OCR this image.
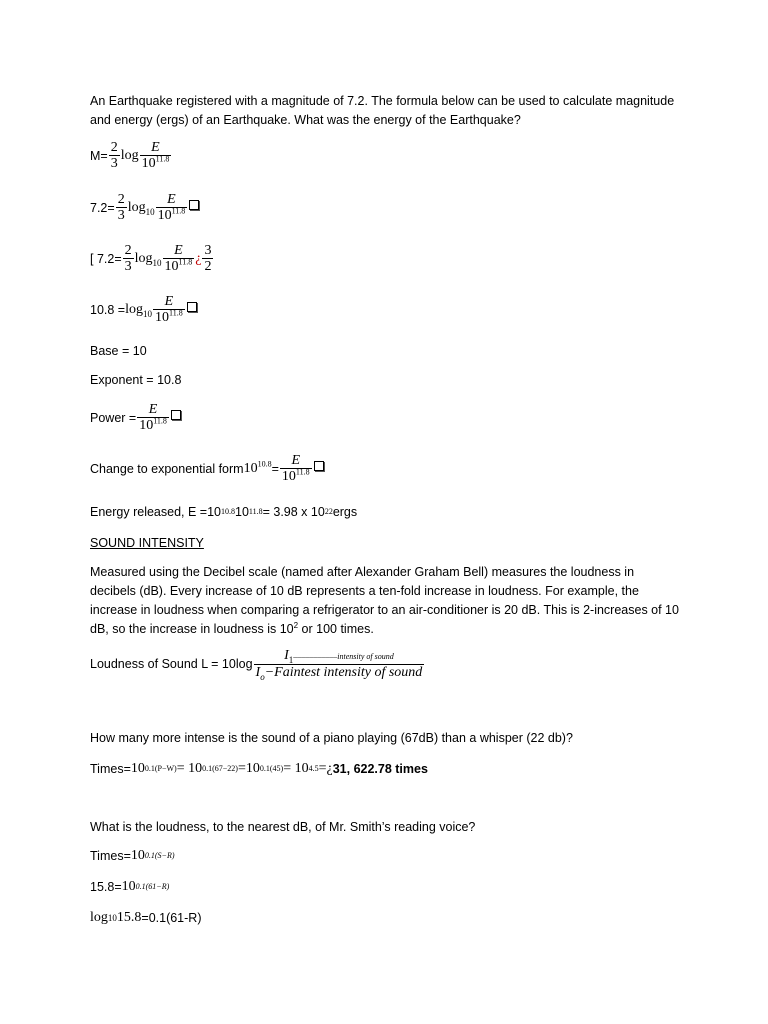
An Earthquake registered with a magnitude of 7.2. The formula below can be used to calculate magnitude and energy (ergs) of an Earthquake. What was the energy of the Earthquake?

$M= \frac{2}{3}$ $\log \frac{E}{10^{11.8}}$
$7.2= \frac{2}{3} \log_{10} \frac{E}{10^{11.8}}$
[ $7.2= \frac{2}{3} \log_{10} \frac{E}{10^{11.8}}$ ¿ $\frac{3}{2}$
$10.8 = \log_{10} \frac{E}{10^{11.8}}$
Base = 10
Exponent = 10.8
Power = $\frac{E}{10^{11.8}}$
Change to exponential form $10^{10.8} = \frac{E}{10^{11.8}}$
Energy released, E = 10 10.8 10 11.8 = 3.98 x 10 22 ergs
SOUND INTENSITY

Measured using the Decibel scale (named after Alexander Graham Bell) measures the loudness in decibels (dB). Every increase of 10 dB represents a ten-fold increase in loudness. For example, the increase in loudness when comparing a refrigerator to an air-conditioner is 20 dB. This is 2-increases of 10 dB, so the increase in loudness is $10^2$ or 100 times.

Loudness of Sound $L = 10\log \frac{I_1-----------intensity of sound}{I_o-Faintest intensity of sound}$
How many more intense is the sound of a piano playing (67dB) than a whisper (22 db)?
Times= 10 0.1(P−W) = 10 0.1(67−22) =10 0.1(45) = 10 4.5 =¿ 31, 622.78 times
What is the loudness, to the nearest dB, of Mr. Smith’s reading voice?
Times= 10 0.1(S−R)
15.8= 10 0.1(61−R)
log 10 15.8 =0.1(61-R)
